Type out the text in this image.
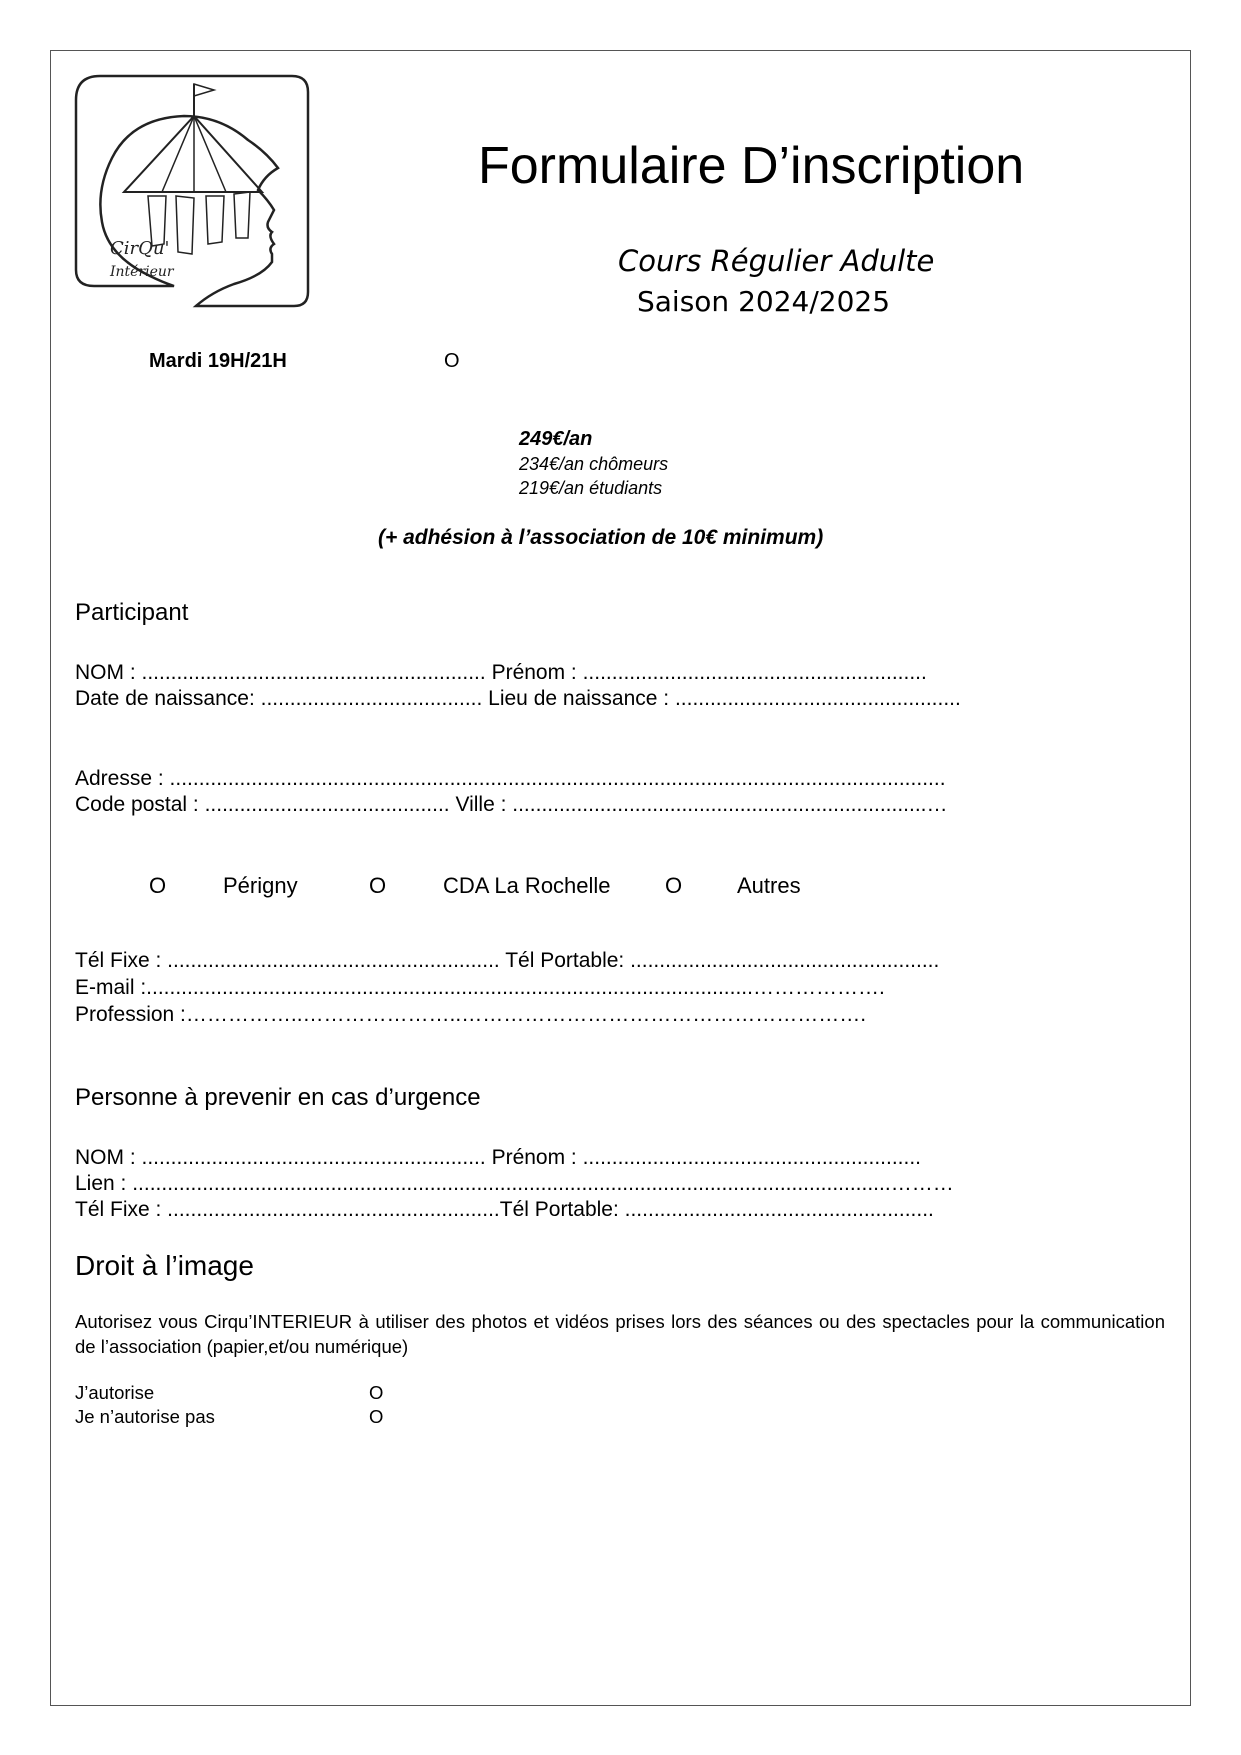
CirQu'
Intérieur
Formulaire D’inscription
Cours Régulier Adulte
Saison 2024/2025
Mardi 19H/21H	O
249€/an
234€/an chômeurs
219€/an étudiants
(+ adhésion à l’association de 10€ minimum)
Participant
NOM : ........................................................... Prénom : ...........................................................
Date de naissance: ...................................... Lieu de naissance : .................................................
Adresse : .....................................................................................................................................
Code postal : .......................................... Ville : .......................................................................…
O	Périgny	O	CDA La Rochelle O Autres
Tél Fixe : ......................................................... Tél Portable: .....................................................
E-mail :........................................................................................................……………….
Profession :……………..…………………..………………………………………………….
Personne à prevenir en cas d’urgence
NOM : ........................................................... Prénom : ..........................................................
Lien : ..................................................................................................................................………
Tél Fixe : .........................................................Tél Portable: .....................................................
Droit à l’image
Autorisez vous Cirqu’INTERIEUR à utiliser des photos et vidéos prises lors des séances ou des spectacles pour la communication de l’association (papier,et/ou numérique)
J’autorise	O
Je n’autorise pas	O
